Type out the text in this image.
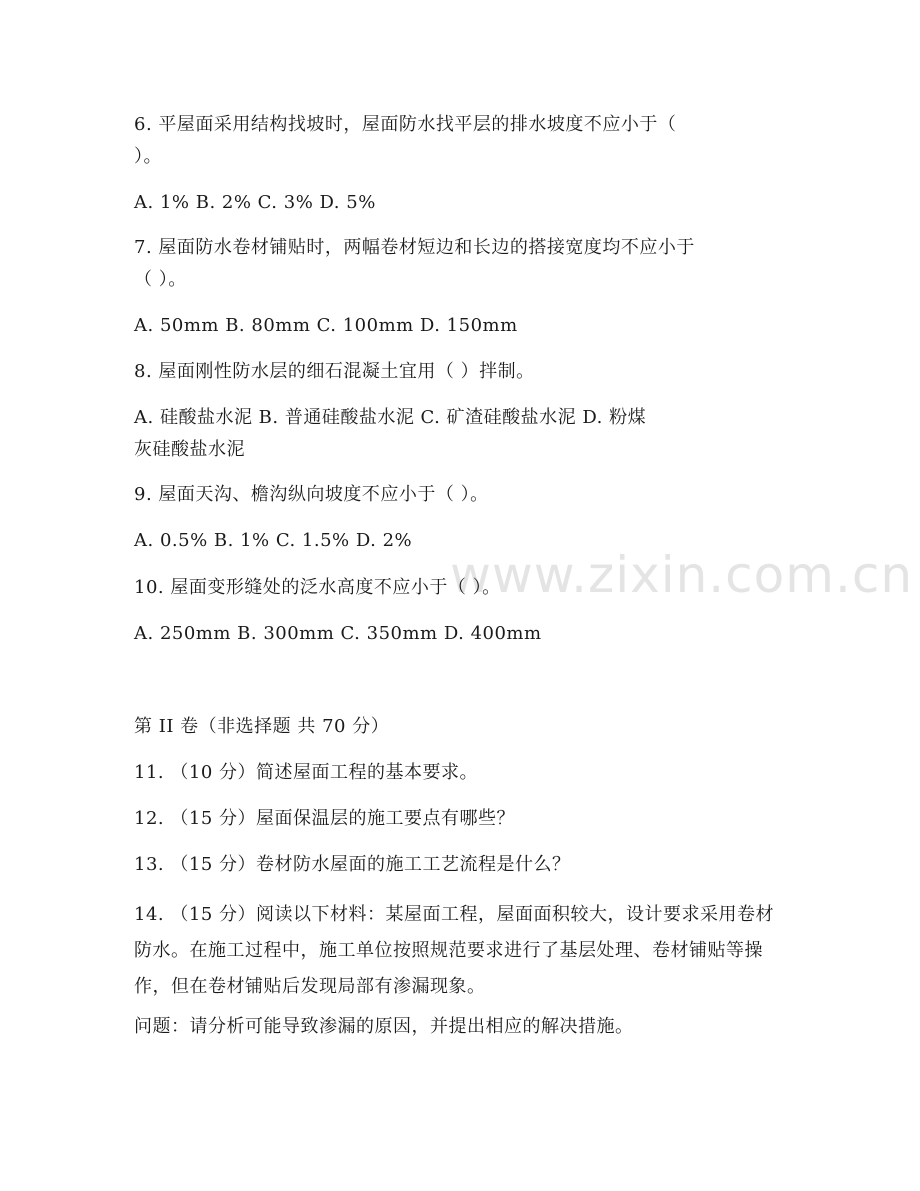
www.zixin.com.cn
6. 平屋面采用结构找坡时，屋面防水找平层的排水坡度不应小于（
）。
A. 1% B. 2% C. 3% D. 5%
7. 屋面防水卷材铺贴时，两幅卷材短边和长边的搭接宽度均不应小于
（ ）。
A. 50mm B. 80mm C. 100mm D. 150mm
8. 屋面刚性防水层的细石混凝土宜用（ ）拌制。
A. 硅酸盐水泥 B. 普通硅酸盐水泥 C. 矿渣硅酸盐水泥 D. 粉煤
灰硅酸盐水泥
9. 屋面天沟、檐沟纵向坡度不应小于（ ）。
A. 0.5% B. 1% C. 1.5% D. 2%
10. 屋面变形缝处的泛水高度不应小于（ ）。
A. 250mm B. 300mm C. 350mm D. 400mm
第 II 卷（非选择题 共 70 分）
11. （10 分）简述屋面工程的基本要求。
12. （15 分）屋面保温层的施工要点有哪些？
13. （15 分）卷材防水屋面的施工工艺流程是什么？
14. （15 分）阅读以下材料：某屋面工程，屋面面积较大，设计要求采用卷材防水。在施工过程中，施工单位按照规范要求进行了基层处理、卷材铺贴等操作，但在卷材铺贴后发现局部有渗漏现象。
问题：请分析可能导致渗漏的原因，并提出相应的解决措施。
